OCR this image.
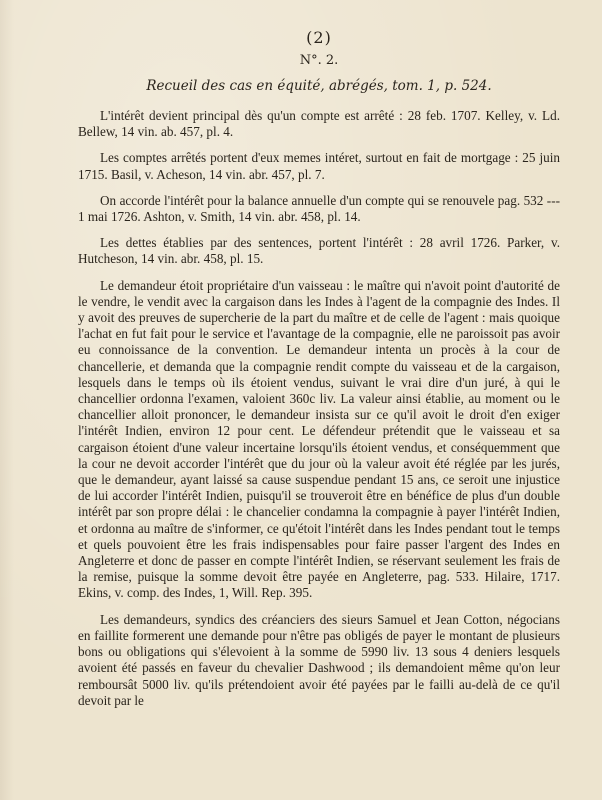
(2)
N°. 2.
Recueil des cas en équité, abrégés, tom. 1, p. 524.

L'intérêt devient principal dès qu'un compte est arrêté : 28 feb. 1707. Kelley, v. Ld. Bellew, 14 vin. ab. 457, pl. 4.

Les comptes arrêtés portent d'eux memes intéret, surtout en fait de mortgage : 25 juin 1715. Basil, v. Acheson, 14 vin. abr. 457, pl. 7.

On accorde l'intérêt pour la balance annuelle d'un compte qui se renouvele pag. 532 --- 1 mai 1726. Ashton, v. Smith, 14 vin. abr. 458, pl. 14.

Les dettes établies par des sentences, portent l'intérêt : 28 avril 1726. Parker, v. Hutcheson, 14 vin. abr. 458, pl. 15.

Le demandeur étoit propriétaire d'un vaisseau : le maître qui n'avoit point d'autorité de le vendre, le vendit avec la cargaison dans les Indes à l'agent de la compagnie des Indes. Il y avoit des preuves de supercherie de la part du maître et de celle de l'agent : mais quoique l'achat en fut fait pour le service et l'avantage de la compagnie, elle ne paroissoit pas avoir eu connoissance de la convention. Le demandeur intenta un procès à la cour de chancellerie, et demanda que la compagnie rendit compte du vaisseau et de la cargaison, lesquels dans le temps où ils étoient vendus, suivant le vrai dire d'un juré, à qui le chancellier ordonna l'examen, valoient 360c liv. La valeur ainsi établie, au moment ou le chancellier alloit prononcer, le demandeur insista sur ce qu'il avoit le droit d'en exiger l'intérêt Indien, environ 12 pour cent. Le défendeur prétendit que le vaisseau et sa cargaison étoient d'une valeur incertaine lorsqu'ils étoient vendus, et conséquemment que la cour ne devoit accorder l'intérêt que du jour où la valeur avoit été réglée par les jurés, que le demandeur, ayant laissé sa cause suspendue pendant 15 ans, ce seroit une injustice de lui accorder l'intérêt Indien, puisqu'il se trouveroit être en bénéfice de plus d'un double intérêt par son propre délai : le chancelier condamna la compagnie à payer l'intérêt Indien, et ordonna au maître de s'informer, ce qu'étoit l'intérêt dans les Indes pendant tout le temps et quels pouvoient être les frais indispensables pour faire passer l'argent des Indes en Angleterre et donc de passer en compte l'intérêt Indien, se réservant seulement les frais de la remise, puisque la somme devoit être payée en Angleterre, pag. 533. Hilaire, 1717. Ekins, v. comp. des Indes, 1, Will. Rep. 395.

Les demandeurs, syndics des créanciers des sieurs Samuel et Jean Cotton, négocians en faillite formerent une demande pour n'être pas obligés de payer le montant de plusieurs bons ou obligations qui s'élevoient à la somme de 5990 liv. 13 sous 4 deniers lesquels avoient été passés en faveur du chevalier Dashwood ; ils demandoient même qu'on leur remboursât 5000 liv. qu'ils prétendoient avoir été payées par le failli au-delà de ce qu'il devoit par le
